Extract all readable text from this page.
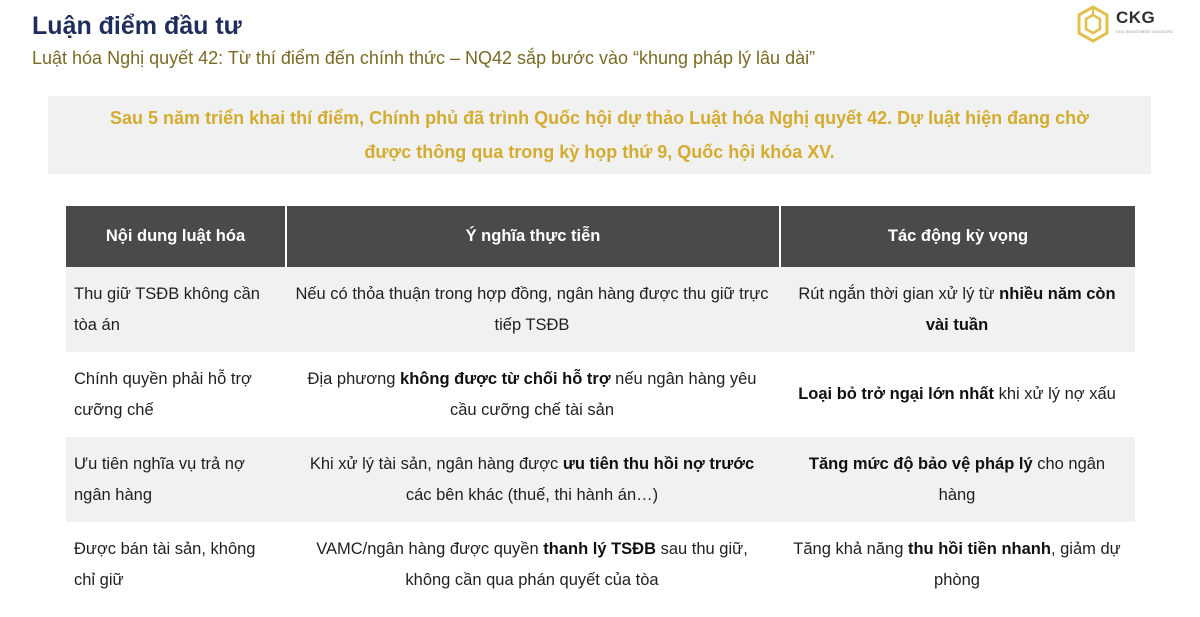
Luận điểm đầu tư
Luật hóa Nghị quyết 42: Từ thí điểm đến chính thức – NQ42 sắp bước vào “khung pháp lý lâu dài”
CKG
CKG INVESTMENT ADVISORS
Sau 5 năm triển khai thí điểm, Chính phủ đã trình Quốc hội dự thảo Luật hóa Nghị quyết 42. Dự luật hiện đang chờ được thông qua trong kỳ họp thứ 9, Quốc hội khóa XV.
Nội dung luật hóa	Ý nghĩa thực tiễn	Tác động kỳ vọng
Thu giữ TSĐB không cần tòa án
Nếu có thỏa thuận trong hợp đồng, ngân hàng được thu giữ trực tiếp TSĐB
Rút ngắn thời gian xử lý từ nhiều năm còn vài tuần
Chính quyền phải hỗ trợ cưỡng chế
Địa phương không được từ chối hỗ trợ nếu ngân hàng yêu cầu cưỡng chế tài sản
Loại bỏ trở ngại lớn nhất khi xử lý nợ xấu
Ưu tiên nghĩa vụ trả nợ ngân hàng
Khi xử lý tài sản, ngân hàng được ưu tiên thu hồi nợ trước các bên khác (thuế, thi hành án…)
Tăng mức độ bảo vệ pháp lý cho ngân hàng
Được bán tài sản, không chỉ giữ
VAMC/ngân hàng được quyền thanh lý TSĐB sau thu giữ, không cần qua phán quyết của tòa
Tăng khả năng thu hồi tiền nhanh, giảm dự phòng
